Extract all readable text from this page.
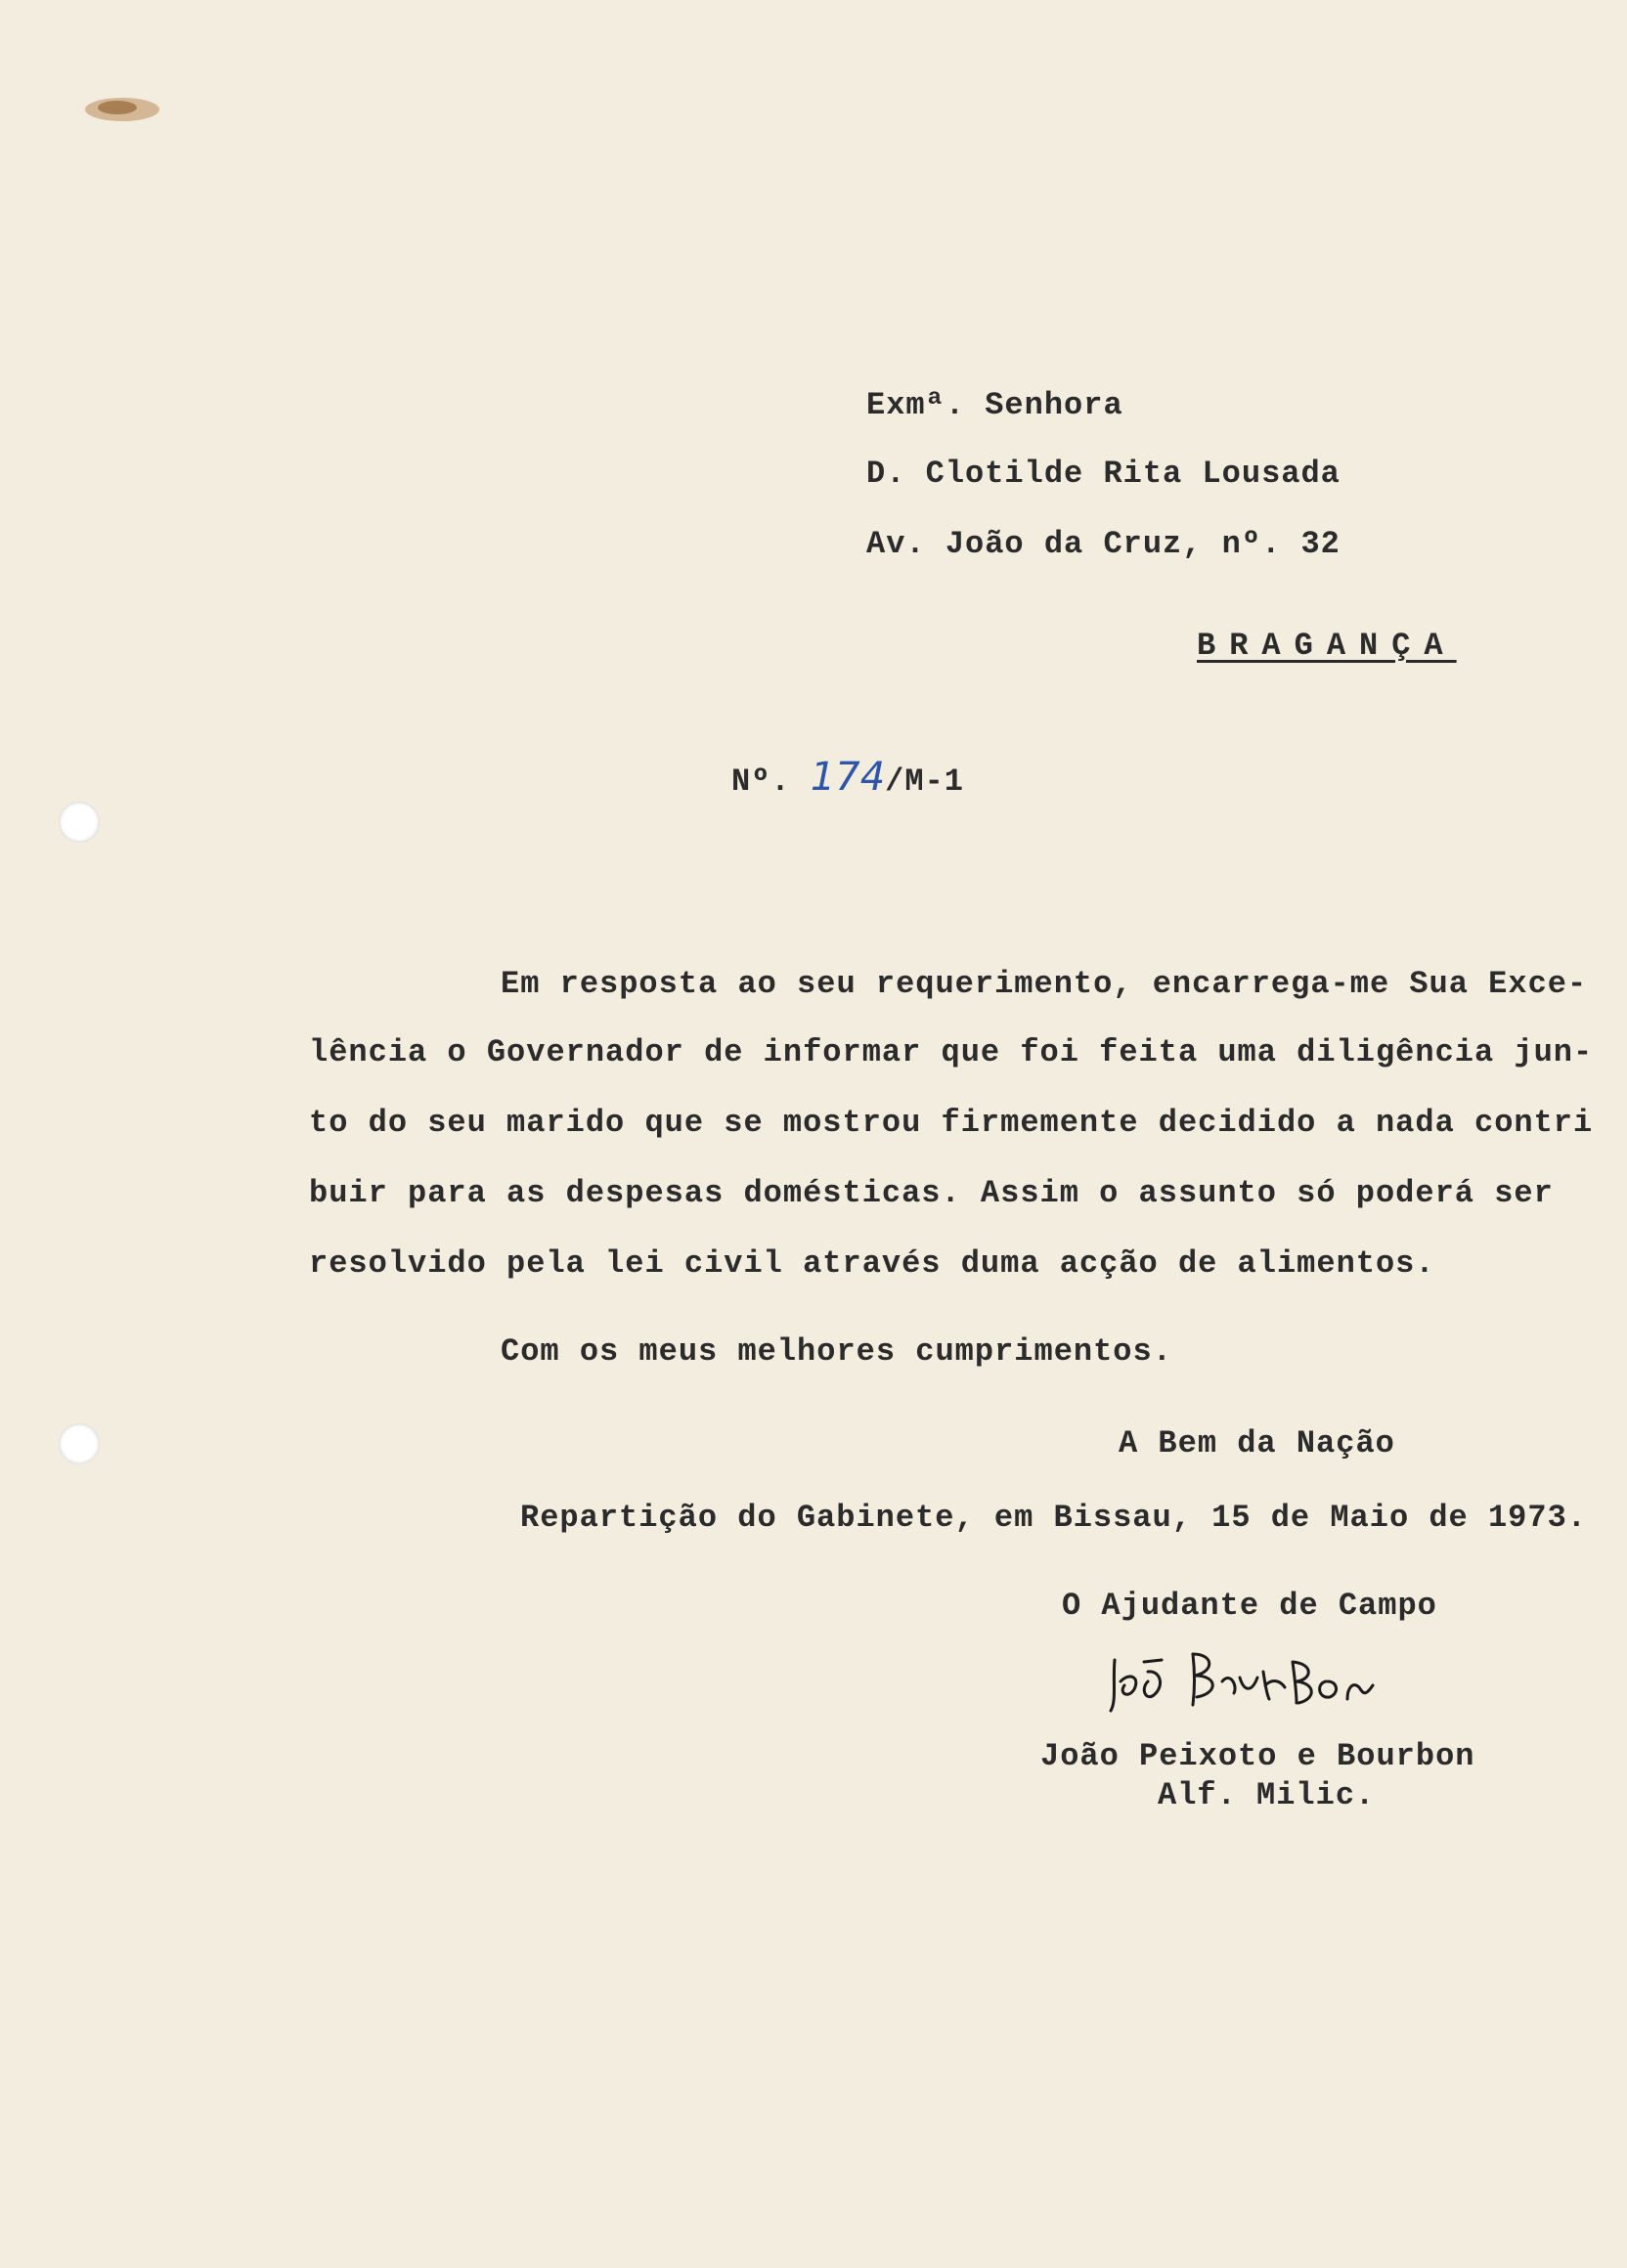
Exmª. Senhora
D. Clotilde Rita Lousada
Av. João da Cruz, nº. 32
BRAGANÇA
Nº. 174/M-1
Em resposta ao seu requerimento, encarrega-me Sua Exce-
lência o Governador de informar que foi feita uma diligência jun-
to do seu marido que se mostrou firmemente decidido a nada contri
buir para as despesas domésticas. Assim o assunto só poderá ser
resolvido pela lei civil através duma acção de alimentos.
Com os meus melhores cumprimentos.
A Bem da Nação
Repartição do Gabinete, em Bissau, 15 de Maio de 1973.
O Ajudante de Campo
João Peixoto e Bourbon
Alf. Milic.
